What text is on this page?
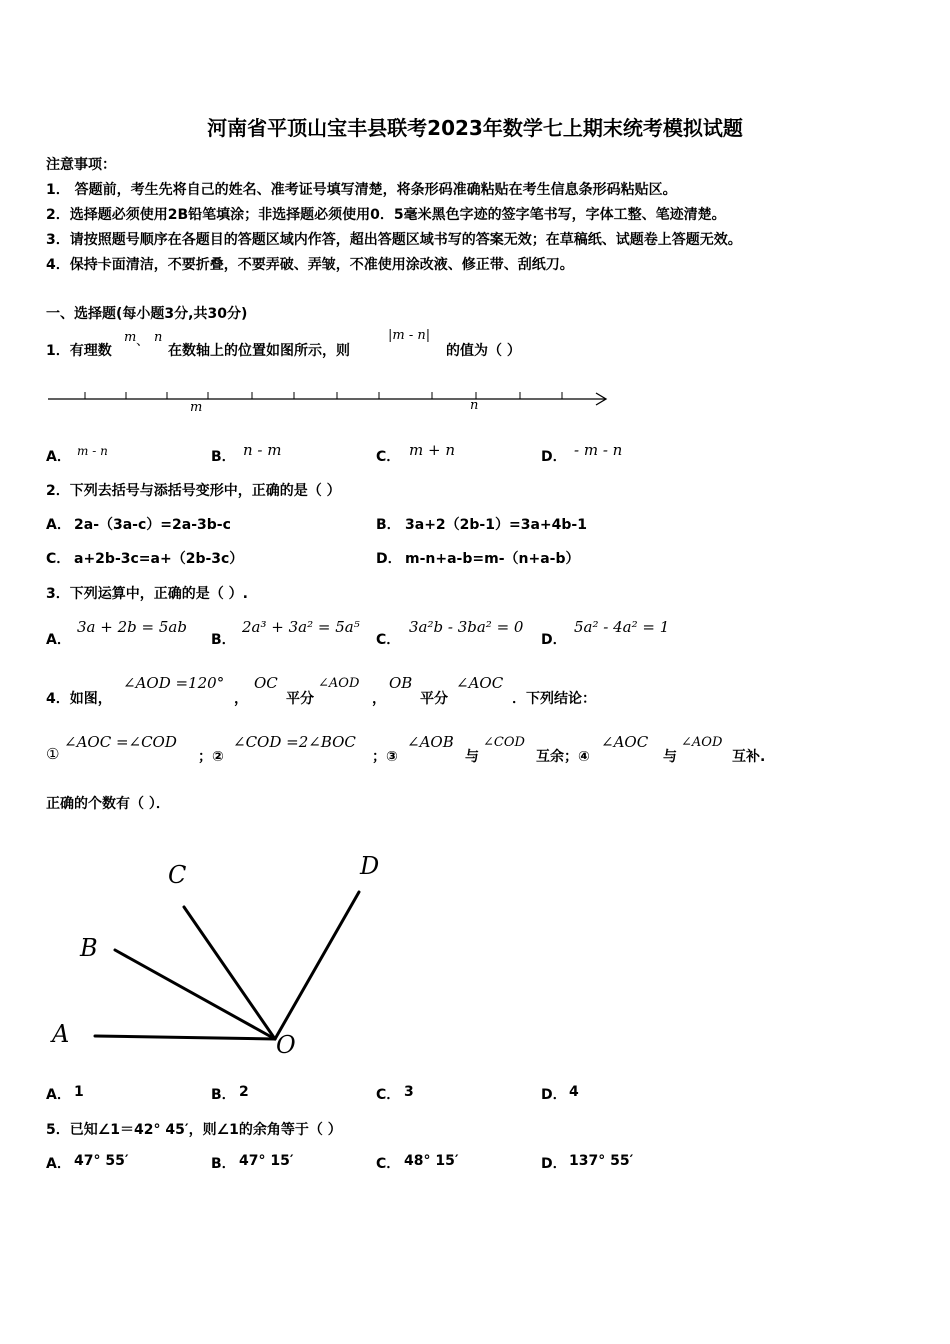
河南省平顶山宝丰县联考2023年数学七上期末统考模拟试题
注意事项：
1． 答题前，考生先将自己的姓名、准考证号填写清楚，将条形码准确粘贴在考生信息条形码粘贴区。
2．选择题必须使用2B铅笔填涂；非选择题必须使用0．5毫米黑色字迹的签字笔书写，字体工整、笔迹清楚。
3．请按照题号顺序在各题目的答题区域内作答，超出答题区域书写的答案无效；在草稿纸、试题卷上答题无效。
4．保持卡面清洁，不要折叠，不要弄破、弄皱，不准使用涂改液、修正带、刮纸刀。
一、选择题(每小题3分,共30分)
1．有理数
m 、 n
在数轴上的位置如图所示，则
|m - n|
的值为（ ）
m	n
A． m - n	B． n - m	C． m + n	D． - m - n
2．下列去括号与添括号变形中，正确的是（ ）
A． 2a-（3a-c）=2a-3b-c	B． 3a+2（2b-1）=3a+4b-1
C． a+2b-3c=a+（2b-3c）	D． m-n+a-b=m-（n+a-b）
3．下列运算中，正确的是（ ）.
A．
3a + 2b = 5ab
B．
2a³ + 3a² = 5a⁵
C．
3a²b - 3ba² = 0
D．
5a² - 4a² = 1
4．如图，
∠AOD =120°
，
OC
平分
∠AOD
，
OB
平分
∠AOC
．下列结论：
①
∠AOC =∠COD
；②
∠COD =2∠BOC
；③
∠AOB
与
∠COD
互余；④
∠AOC
与
∠AOD
互补.
正确的个数有（ ）．
A
B
C	D
O
A． 1	B． 2	C． 3	D． 4
5．已知∠1＝42° 45′，则∠1的余角等于（ ）
A． 47° 55′	B． 47° 15′	C． 48° 15′	D． 137° 55′
